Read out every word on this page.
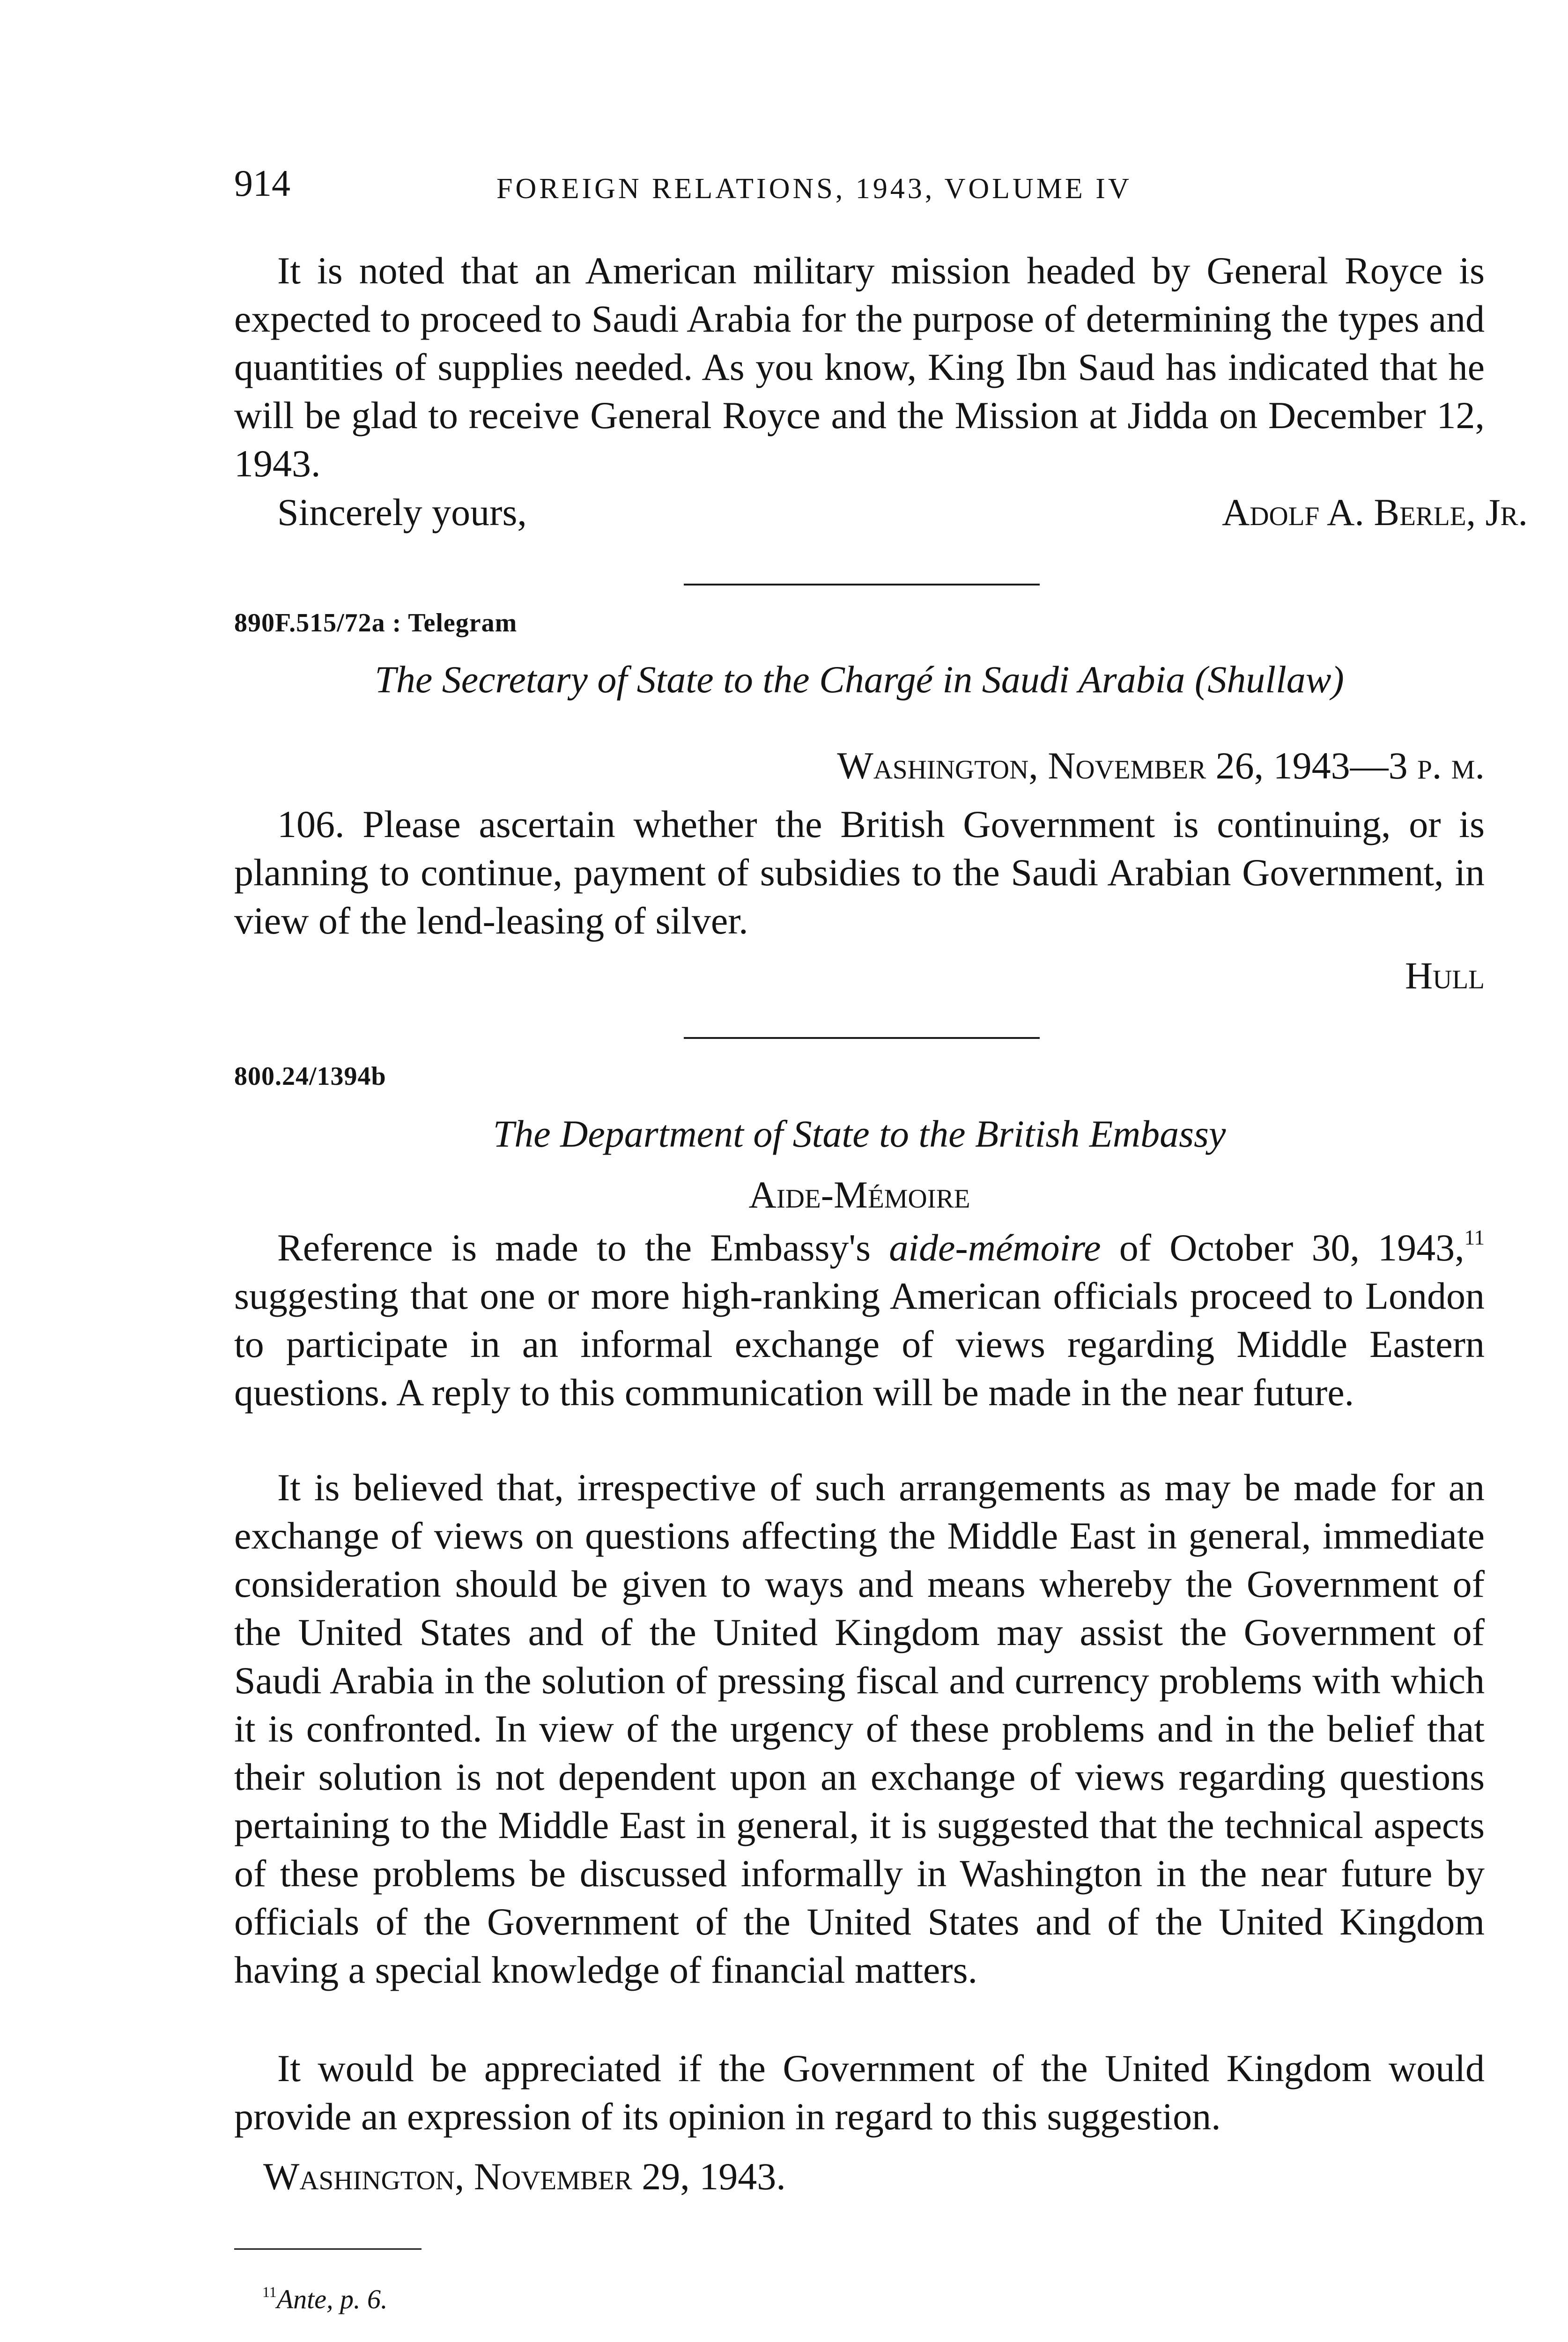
914	FOREIGN RELATIONS, 1943, VOLUME IV

It is noted that an American military mission headed by General Royce is expected to proceed to Saudi Arabia for the purpose of determining the types and quantities of supplies needed. As you know, King Ibn Saud has indicated that he will be glad to receive General Royce and the Mission at Jidda on December 12, 1943.

Sincerely yours,	Adolf A. Berle, Jr.
890F.515/72a : Telegram
The Secretary of State to the Chargé in Saudi Arabia (Shullaw)
Washington, November 26, 1943—3 p. m.

106. Please ascertain whether the British Government is continuing, or is planning to continue, payment of subsidies to the Saudi Arabian Government, in view of the lend-leasing of silver.

Hull
800.24/1394b
The Department of State to the British Embassy
Aide-Mémoire

Reference is made to the Embassy's aide-mémoire of October 30, 1943,11 suggesting that one or more high-ranking American officials proceed to London to participate in an informal exchange of views regarding Middle Eastern questions. A reply to this communication will be made in the near future.

It is believed that, irrespective of such arrangements as may be made for an exchange of views on questions affecting the Middle East in general, immediate consideration should be given to ways and means whereby the Government of the United States and of the United Kingdom may assist the Government of Saudi Arabia in the solution of pressing fiscal and currency problems with which it is confronted. In view of the urgency of these problems and in the belief that their solution is not dependent upon an exchange of views regarding questions pertaining to the Middle East in general, it is suggested that the technical aspects of these problems be discussed informally in Washington in the near future by officials of the Government of the United States and of the United Kingdom having a special knowledge of financial matters.

It would be appreciated if the Government of the United Kingdom would provide an expression of its opinion in regard to this suggestion.

Washington, November 29, 1943.
$^{11}$Ante, p. 6.
